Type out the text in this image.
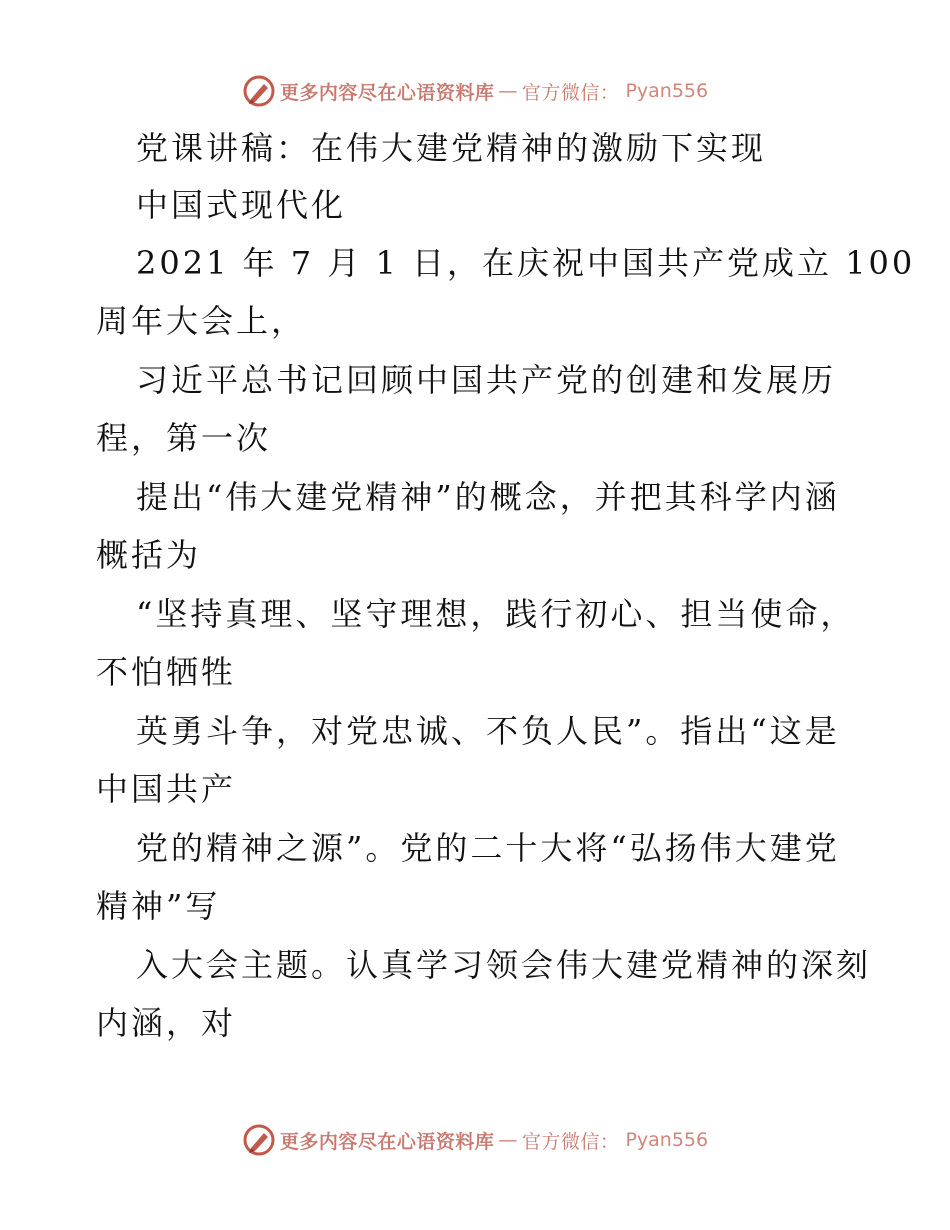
更多内容尽在心语资料库 — 官方微信： Pyan556
党课讲稿：在伟大建党精神的激励下实现
中国式现代化
2021 年 7 月 1 日，在庆祝中国共产党成立 100
周年大会上，
习近平总书记回顾中国共产党的创建和发展历
程，第一次
提出“伟大建党精神”的概念，并把其科学内涵
概括为
“坚持真理、坚守理想，践行初心、担当使命，
不怕牺牲
英勇斗争，对党忠诚、不负人民”。指出“这是
中国共产
党的精神之源”。党的二十大将“弘扬伟大建党
精神”写
入大会主题。认真学习领会伟大建党精神的深刻
内涵，对
更多内容尽在心语资料库 — 官方微信： Pyan556
